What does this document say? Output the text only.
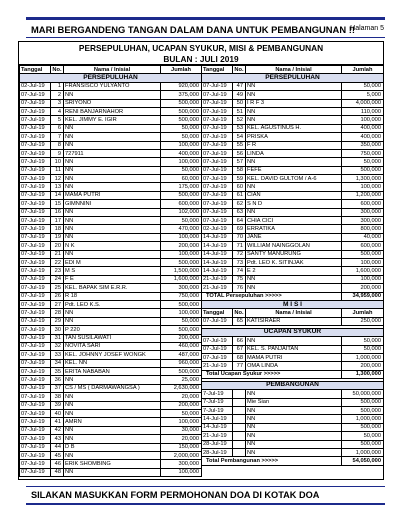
MARI BERGANDENG TANGAN DALAM DANA UNTUK PEMBANGUNAN !!
Halaman 5
PERSEPULUHAN, UCAPAN SYUKUR, MISI & PEMBANGUNAN
BULAN : JULI 2019
Tanggal	No.	Nama / Inisial	Jumlah
PERSEPULUHAN			
02-Jul-19	1	FRANSISCO YULYANTO	920,000
07-Jul-19	2	NN	375,000
07-Jul-19	3	SRIYONO	500,000
07-Jul-19	4	RENI BANJARNAHOR	500,000
07-Jul-19	5	KEL. JIMMY E. IGIR	500,000
07-Jul-19	6	NN	50,000
07-Jul-19	7	NN	50,000
07-Jul-19	8	NN	100,000
07-Jul-19	9	727911	400,000
07-Jul-19	10	NN	100,000
07-Jul-19	11	NN	50,000
07-Jul-19	12	NN	60,000
07-Jul-19	13	NN	175,000
07-Jul-19	14	MAMA PUTRI	500,000
07-Jul-19	15	GIMNNINI	600,000
07-Jul-19	16	NN	102,000
07-Jul-19	17	NN	50,000
07-Jul-19	18	NN	470,000
07-Jul-19	19	NN	100,000
07-Jul-19	20	N K	200,000
07-Jul-19	21	NN	100,000
07-Jul-19	22	EDI M	500,000
07-Jul-19	23	M S	1,500,000
07-Jul-19	24	F E	1,600,000
07-Jul-19	25	KEL. BAPAK SIM E.R.R.	300,000
07-Jul-19	26	R 18	750,000
07-Jul-19	27	Pdt. LEO K.S.	500,000
07-Jul-19	28	NN	100,000
07-Jul-19	29	NN	50,000
07-Jul-19	30	P 220	500,000
07-Jul-19	31	TAN SUSILAWATI	200,000
07-Jul-19	32	NOVITA SARI	460,000
07-Jul-19	33	KEL. JOHNNY JOSEF WONGK	487,000
07-Jul-19	34	KEL. NN	960,000
07-Jul-19	35	ERITA NABABAN	500,000
07-Jul-19	36	NN	25,000
07-Jul-19	37	CS / MS ( DARMAWANGSA )	2,630,000
07-Jul-19	38	NN	20,000
07-Jul-19	39	NN	200,000
07-Jul-19	40	NN	50,000
07-Jul-19	41	AMRN	100,000
07-Jul-19	42	NN	30,000
07-Jul-19	43	NN	20,000
07-Jul-19	44	D B	150,000
07-Jul-19	45	NN	2,000,000
07-Jul-19	46	ERIK SHOMBING	300,000
07-Jul-19	48	NN	100,000
Tanggal	No.	Nama / Inisial	Jumlah
PERSEPULUHAN			
07-Jul-19	47	NN	50,000
07-Jul-19	49	NN	5,000
07-Jul-19	50	I R F 3	4,000,000
07-Jul-19	51	NN	110,000
07-Jul-19	52	NN	100,000
07-Jul-19	53	KEL. AGUSTINUS H.	400,000
07-Jul-19	54	PRISKA	400,000
07-Jul-19	55	F R	350,000
07-Jul-19	56	LINDA	750,000
07-Jul-19	57	NN	50,000
07-Jul-19	58	FEFE	500,000
07-Jul-19	59	KEL. DAVID GULTOM / A-6	1,300,000
07-Jul-19	60	NN	100,000
07-Jul-19	61	CIAN	1,200,000
07-Jul-19	62	S N D	600,000
07-Jul-19	63	NN	300,000
07-Jul-19	64	CHIA CICI	300,000
02-Jul-19	69	ERRATIKA	800,000
14-Jul-19	70	JANE	40,000
14-Jul-19	71	WILLIAM NAINGGOLAN	600,000
14-Jul-19	72	SANTY MANURUNG	500,000
14-Jul-19	73	Pdt. LEO K. SITINJAK	100,000
14-Jul-19	74	E 2	1,600,000
21-Jul-19	75	NN	100,000
21-Jul-19	76	NN	200,000
TOTAL Persepuluhan >>>>>			34,959,000
M I S I			
Tanggal	No.	Nama / Inisial	Jumlah
07-Jul-19	65	KATISIRAER	250,000

UCAPAN SYUKUR			
07-Jul-19	66	NN	50,000
07-Jul-19	67	KEL. S. PANJAITAN	50,000
07-Jul-19	68	MAMA PUTRI	1,000,000
21-Jul-19	77	OMA LINDA	200,000
Total Ucapan Syukur >>>>>			1,300,000

PEMBANGUNAN			
7-Jul-19		NN	50,000,000
7-Jul-19		Mie Sian	500,000
7-Jul-19		NN	500,000
14-Jul-19		NN	1,000,000
14-Jul-19		NN	500,000
21-Jul-19		NN	50,000
28-Jul-19		NN	500,000
28-Jul-19		NN	1,000,000
Total Pembangunan >>>>>			54,050,000
SILAKAN MASUKKAN FORM PERMOHONAN DOA DI KOTAK DOA
